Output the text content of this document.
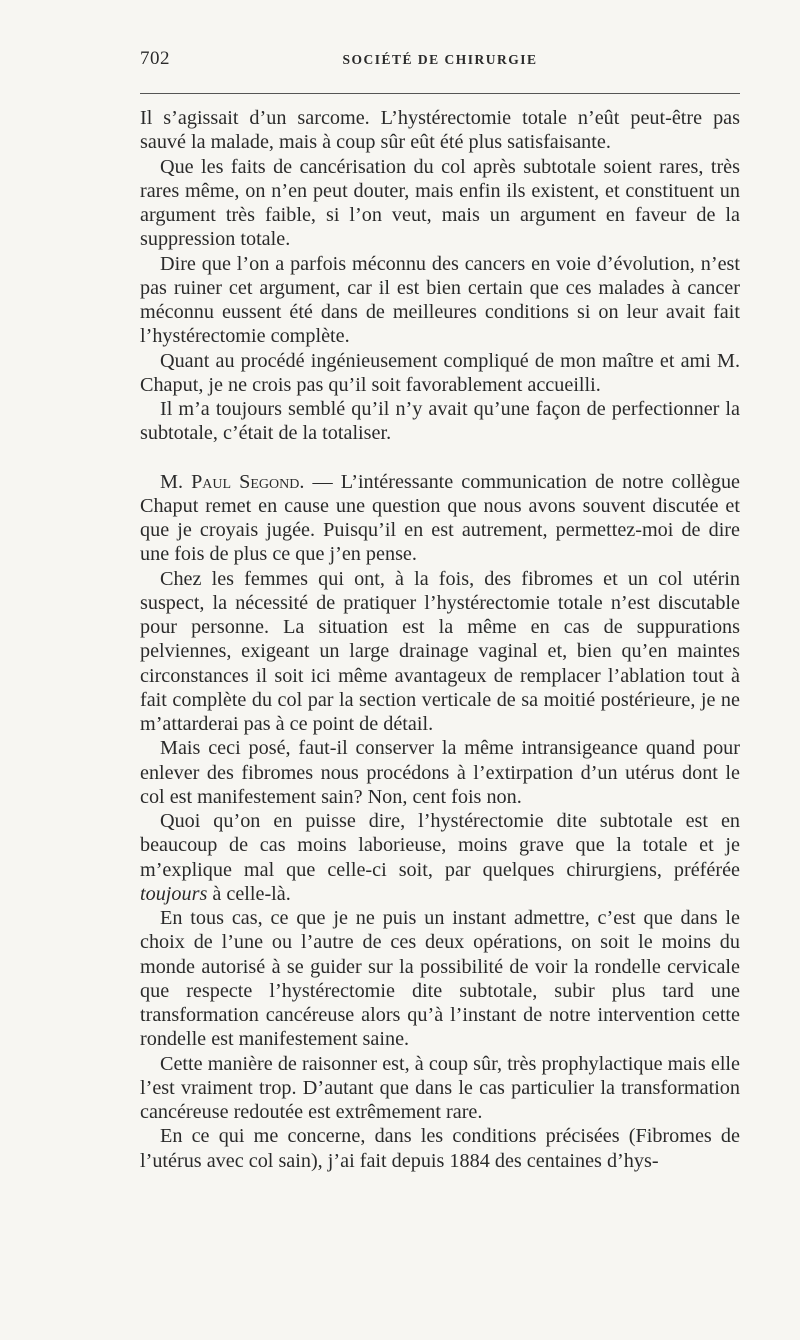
702	SOCIÉTÉ DE CHIRURGIE

Il s’agissait d’un sarcome. L’hystérectomie totale n’eût peut-être pas sauvé la malade, mais à coup sûr eût été plus satisfaisante.

Que les faits de cancérisation du col après subtotale soient rares, très rares même, on n’en peut douter, mais enfin ils existent, et constituent un argument très faible, si l’on veut, mais un argument en faveur de la suppression totale.

Dire que l’on a parfois méconnu des cancers en voie d’évolution, n’est pas ruiner cet argument, car il est bien certain que ces malades à cancer méconnu eussent été dans de meilleures conditions si on leur avait fait l’hystérectomie complète.

Quant au procédé ingénieusement compliqué de mon maître et ami M. Chaput, je ne crois pas qu’il soit favorablement accueilli.

Il m’a toujours semblé qu’il n’y avait qu’une façon de perfectionner la subtotale, c’était de la totaliser.

M. Paul Segond. — L’intéressante communication de notre collègue Chaput remet en cause une question que nous avons souvent discutée et que je croyais jugée. Puisqu’il en est autrement, permettez-moi de dire une fois de plus ce que j’en pense.

Chez les femmes qui ont, à la fois, des fibromes et un col utérin suspect, la nécessité de pratiquer l’hystérectomie totale n’est discutable pour personne. La situation est la même en cas de suppurations pelviennes, exigeant un large drainage vaginal et, bien qu’en maintes circonstances il soit ici même avantageux de remplacer l’ablation tout à fait complète du col par la section verticale de sa moitié postérieure, je ne m’attarderai pas à ce point de détail.

Mais ceci posé, faut-il conserver la même intransigeance quand pour enlever des fibromes nous procédons à l’extirpation d’un utérus dont le col est manifestement sain? Non, cent fois non.

Quoi qu’on en puisse dire, l’hystérectomie dite subtotale est en beaucoup de cas moins laborieuse, moins grave que la totale et je m’explique mal que celle-ci soit, par quelques chirurgiens, préférée toujours à celle-là.

En tous cas, ce que je ne puis un instant admettre, c’est que dans le choix de l’une ou l’autre de ces deux opérations, on soit le moins du monde autorisé à se guider sur la possibilité de voir la rondelle cervicale que respecte l’hystérectomie dite subtotale, subir plus tard une transformation cancéreuse alors qu’à l’instant de notre intervention cette rondelle est manifestement saine.

Cette manière de raisonner est, à coup sûr, très prophylactique mais elle l’est vraiment trop. D’autant que dans le cas particulier la transformation cancéreuse redoutée est extrêmement rare.

En ce qui me concerne, dans les conditions précisées (Fibromes de l’utérus avec col sain), j’ai fait depuis 1884 des centaines d’hys-
